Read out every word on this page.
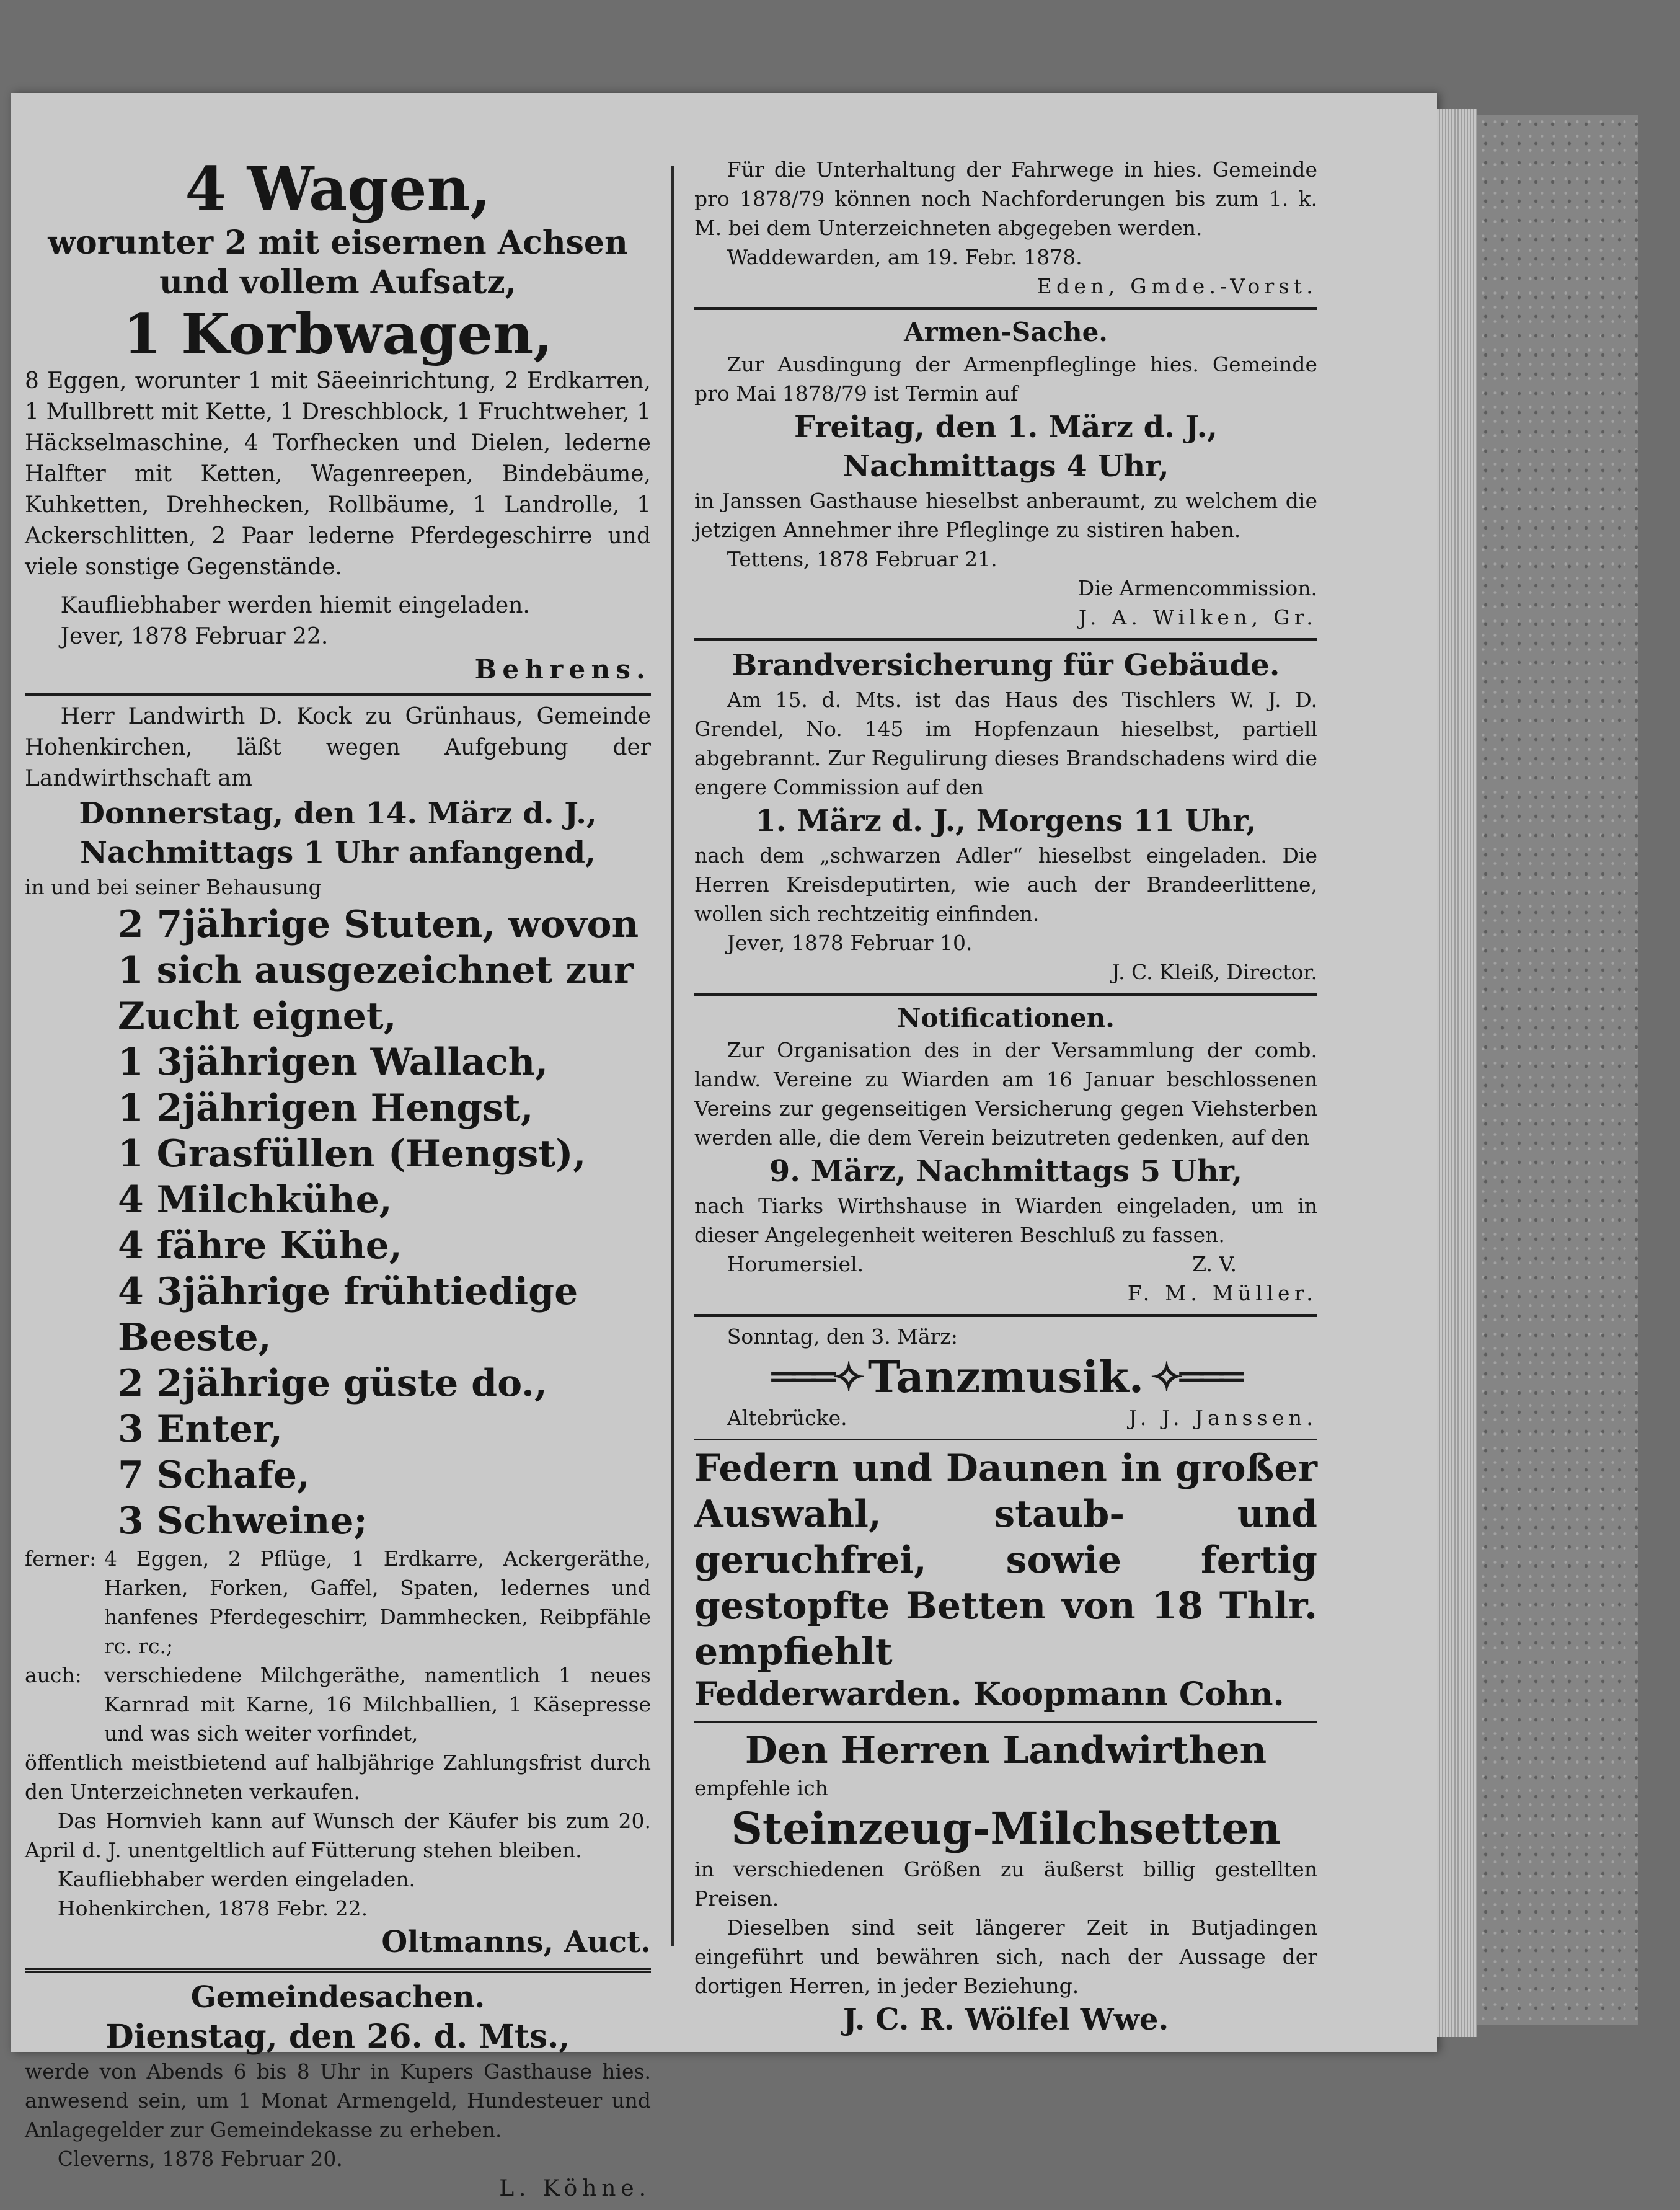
4 Wagen,
worunter 2 mit eisernen Achsen und vollem Aufsatz,
1 Korbwagen,

8 Eggen, worunter 1 mit Säeeinrichtung, 2 Erdkarren, 1 Mullbrett mit Kette, 1 Dreschblock, 1 Fruchtweher, 1 Häckselmaschine, 4 Torfhecken und Dielen, lederne Halfter mit Ketten, Wagenreepen, Bindebäume, Kuhketten, Drehhecken, Rollbäume, 1 Landrolle, 1 Ackerschlitten, 2 Paar lederne Pferdegeschirre und viele sonstige Gegenstände.

Kaufliebhaber werden hiemit eingeladen.

Jever, 1878 Februar 22.

Behrens.

Herr Landwirth D. Kock zu Grünhaus, Gemeinde Hohenkirchen, läßt wegen Aufgebung der Landwirthschaft am

Donnerstag, den 14. März d. J.,
Nachmittags 1 Uhr anfangend,

in und bei seiner Behausung

2 7jährige Stuten, wovon 1 sich ausgezeichnet zur Zucht eignet,
1 3jährigen Wallach,
1 2jährigen Hengst,
1 Grasfüllen (Hengst),
4 Milchkühe,
4 fähre Kühe,
4 3jährige frühtiedige Beeste,
2 2jährige güste do.,
3 Enter,
7 Schafe,
3 Schweine;
ferner: 4 Eggen, 2 Pflüge, 1 Erdkarre, Ackergeräthe, Harken, Forken, Gaffel, Spaten, ledernes und hanfenes Pferdegeschirr, Dammhecken, Reibpfähle rc. rc.;
auch:	verschiedene Milchgeräthe, namentlich 1 neues Karnrad mit Karne, 16 Milchballien, 1 Käsepresse und was sich weiter vorfindet,

öffentlich meistbietend auf halbjährige Zahlungsfrist durch den Unterzeichneten verkaufen.

Das Hornvieh kann auf Wunsch der Käufer bis zum 20. April d. J. unentgeltlich auf Fütterung stehen bleiben.

Kaufliebhaber werden eingeladen.

Hohenkirchen, 1878 Febr. 22.

Oltmanns, Auct.

Gemeindesachen.
Dienstag, den 26. d. Mts.,

werde von Abends 6 bis 8 Uhr in Kupers Gasthause hies. anwesend sein, um 1 Monat Armengeld, Hundesteuer und Anlagegelder zur Gemeindekasse zu erheben.

Cleverns, 1878 Februar 20.

L. Köhne.

Für die Unterhaltung der Fahrwege in hies. Gemeinde pro 1878/79 können noch Nachforderungen bis zum 1. k. M. bei dem Unterzeichneten abgegeben werden.

Waddewarden, am 19. Febr. 1878.

Eden, Gmde.-Vorst.

Armen-Sache.

Zur Ausdingung der Armenpfleglinge hies. Gemeinde pro Mai 1878/79 ist Termin auf

Freitag, den 1. März d. J.,
Nachmittags 4 Uhr,

in Janssen Gasthause hieselbst anberaumt, zu welchem die jetzigen Annehmer ihre Pfleglinge zu sistiren haben.

Tettens, 1878 Februar 21.

Die Armencommission.

J. A. Wilken, Gr.

Brandversicherung für Gebäude.

Am 15. d. Mts. ist das Haus des Tischlers W. J. D. Grendel, No. 145 im Hopfenzaun hieselbst, partiell abgebrannt. Zur Regulirung dieses Brandschadens wird die engere Commission auf den

1. März d. J., Morgens 11 Uhr,

nach dem „schwarzen Adler“ hieselbst eingeladen. Die Herren Kreisdeputirten, wie auch der Brandeerlittene, wollen sich rechtzeitig einfinden.

Jever, 1878 Februar 10.

J. C. Kleiß, Director.

Notificationen.

Zur Organisation des in der Versammlung der comb. landw. Vereine zu Wiarden am 16 Januar beschlossenen Vereins zur gegenseitigen Versicherung gegen Viehsterben werden alle, die dem Verein beizutreten gedenken, auf den

9. März, Nachmittags 5 Uhr,

nach Tiarks Wirthshause in Wiarden eingeladen, um in dieser Angelegenheit weiteren Beschluß zu fassen.

Horumersiel.	Z. V.

F. M. Müller.

Sonntag, den 3. März:

═══✧ Tanzmusik. ✧═══
Altebrücke.	J. J. Janssen.

Federn und Daunen in großer Auswahl, staub- und geruchfrei, sowie fertig gestopfte Betten von 18 Thlr. empfiehlt

Fedderwarden. Koopmann Cohn.

Den Herren Landwirthen

empfehle ich

Steinzeug-Milchsetten

in verschiedenen Größen zu äußerst billig gestellten Preisen.

Dieselben sind seit längerer Zeit in Butjadingen eingeführt und bewähren sich, nach der Aussage der dortigen Herren, in jeder Beziehung.

J. C. R. Wölfel Wwe.
